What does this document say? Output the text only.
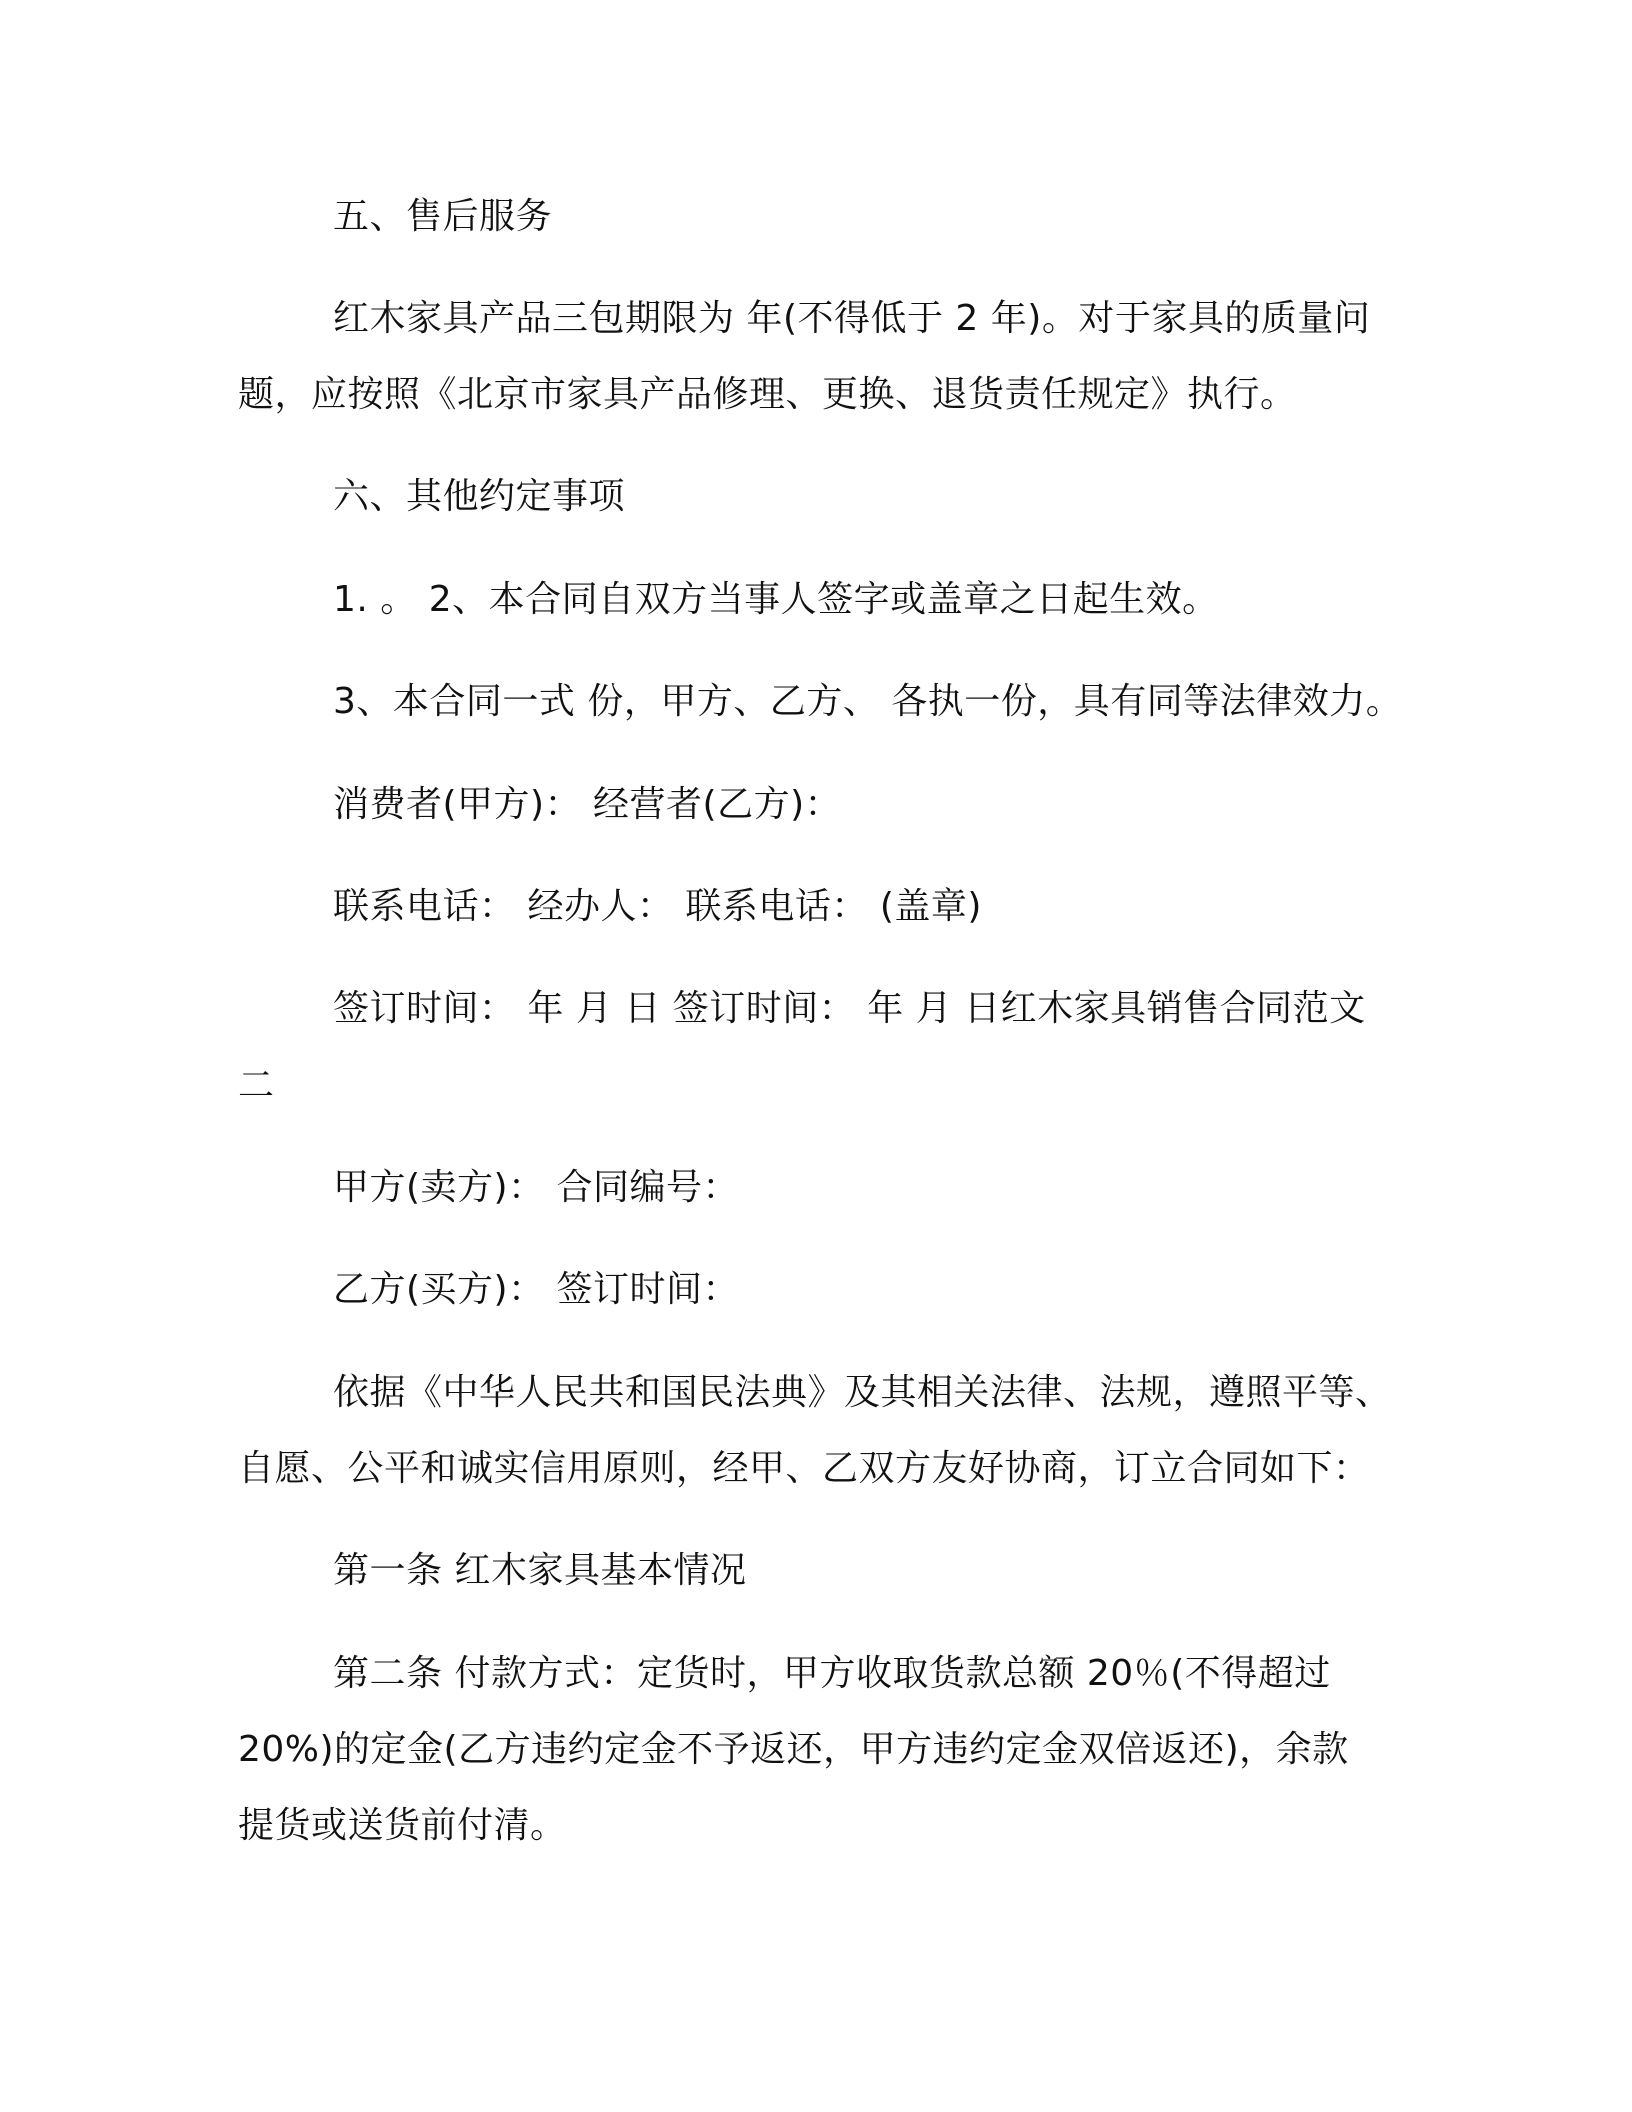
五、售后服务
红木家具产品三包期限为 年(不得低于 2 年)。对于家具的质量问
题，应按照《北京市家具产品修理、更换、退货责任规定》执行。
六、其他约定事项
1. 。 2、本合同自双方当事人签字或盖章之日起生效。
3、本合同一式 份，甲方、乙方、 各执一份，具有同等法律效力。
消费者(甲方)： 经营者(乙方)：
联系电话： 经办人： 联系电话： (盖章)
签订时间： 年 月 日 签订时间： 年 月 日红木家具销售合同范文
二
甲方(卖方)： 合同编号：
乙方(买方)： 签订时间：
依据《中华人民共和国民法典》及其相关法律、法规，遵照平等、
自愿、公平和诚实信用原则，经甲、乙双方友好协商，订立合同如下：
第一条 红木家具基本情况
第二条 付款方式：定货时，甲方收取货款总额 20％(不得超过
20%)的定金(乙方违约定金不予返还，甲方违约定金双倍返还)，余款
提货或送货前付清。
